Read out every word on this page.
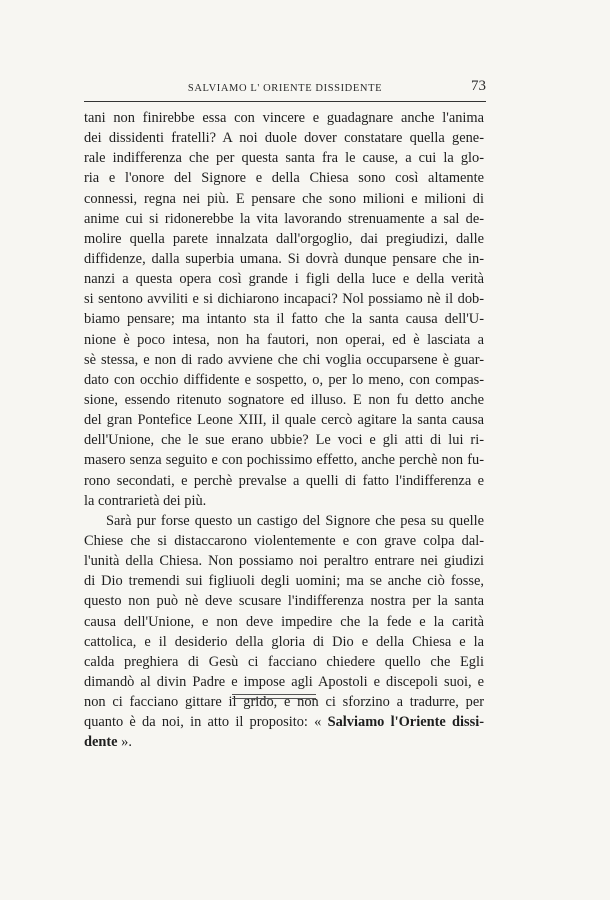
SALVIAMO L' ORIENTE DISSIDENTE	73
tani non finirebbe essa con vincere e guadagnare anche l'anima
dei dissidenti fratelli? A noi duole dover constatare quella gene-
rale indifferenza che per questa santa fra le cause, a cui la glo-
ria e l'onore del Signore e della Chiesa sono così altamente
connessi, regna nei più. E pensare che sono milioni e milioni di
anime cui si ridonerebbe la vita lavorando strenuamente a sal de-
molire quella parete innalzata dall'orgoglio, dai pregiudizi, dalle
diffidenze, dalla superbia umana. Si dovrà dunque pensare che in-
nanzi a questa opera così grande i figli della luce e della verità
si sentono avviliti e si dichiarono incapaci? Nol possiamo nè il dob-
biamo pensare; ma intanto sta il fatto che la santa causa dell'U-
nione è poco intesa, non ha fautori, non operai, ed è lasciata a
sè stessa, e non di rado avviene che chi voglia occuparsene è guar-
dato con occhio diffidente e sospetto, o, per lo meno, con compas-
sione, essendo ritenuto sognatore ed illuso. E non fu detto anche
del gran Pontefice Leone XIII, il quale cercò agitare la santa causa
dell'Unione, che le sue erano ubbie? Le voci e gli atti di lui ri-
masero senza seguito e con pochissimo effetto, anche perchè non fu-
rono secondati, e perchè prevalse a quelli di fatto l'indifferenza e
la contrarietà dei più.
Sarà pur forse questo un castigo del Signore che pesa su quelle
Chiese che si distaccarono violentemente e con grave colpa dal-
l'unità della Chiesa. Non possiamo noi peraltro entrare nei giudizi
di Dio tremendi sui figliuoli degli uomini; ma se anche ciò fosse,
questo non può nè deve scusare l'indifferenza nostra per la santa
causa dell'Unione, e non deve impedire che la fede e la carità
cattolica, e il desiderio della gloria di Dio e della Chiesa e la
calda preghiera di Gesù ci facciano chiedere quello che Egli
dimandò al divin Padre e impose agli Apostoli e discepoli suoi, e
non ci facciano gittare il grido, e non ci sforzino a tradurre, per
quanto è da noi, in atto il proposito: « Salviamo l'Oriente dissi-
dente ».
